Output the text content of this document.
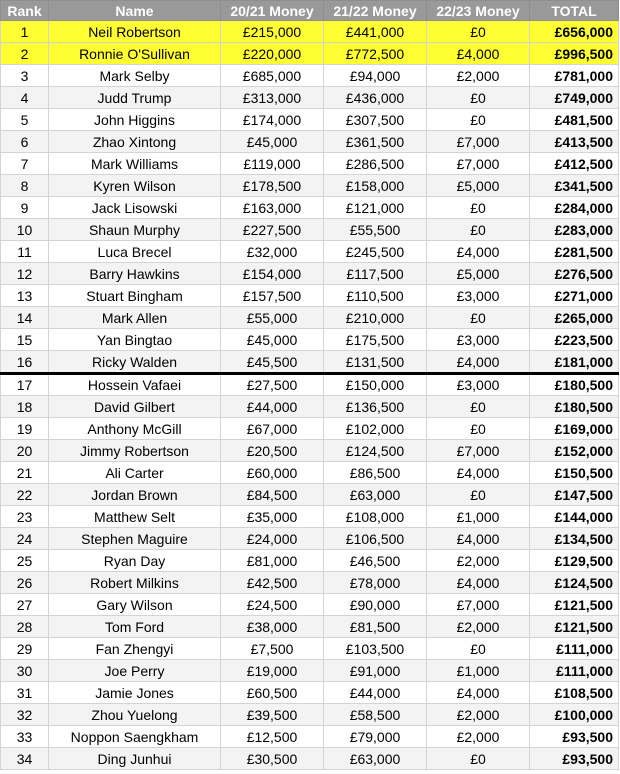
Rank	Name	20/21 Money	21/22 Money	22/23 Money	TOTAL
1	Neil Robertson	£215,000	£441,000	£0	£656,000
2	Ronnie O'Sullivan	£220,000	£772,500	£4,000	£996,500
3	Mark Selby	£685,000	£94,000	£2,000	£781,000
4	Judd Trump	£313,000	£436,000	£0	£749,000
5	John Higgins	£174,000	£307,500	£0	£481,500
6	Zhao Xintong	£45,000	£361,500	£7,000	£413,500
7	Mark Williams	£119,000	£286,500	£7,000	£412,500
8	Kyren Wilson	£178,500	£158,000	£5,000	£341,500
9	Jack Lisowski	£163,000	£121,000	£0	£284,000
10	Shaun Murphy	£227,500	£55,500	£0	£283,000
11	Luca Brecel	£32,000	£245,500	£4,000	£281,500
12	Barry Hawkins	£154,000	£117,500	£5,000	£276,500
13	Stuart Bingham	£157,500	£110,500	£3,000	£271,000
14	Mark Allen	£55,000	£210,000	£0	£265,000
15	Yan Bingtao	£45,000	£175,500	£3,000	£223,500
16	Ricky Walden	£45,500	£131,500	£4,000	£181,000
17	Hossein Vafaei	£27,500	£150,000	£3,000	£180,500
18	David Gilbert	£44,000	£136,500	£0	£180,500
19	Anthony McGill	£67,000	£102,000	£0	£169,000
20	Jimmy Robertson	£20,500	£124,500	£7,000	£152,000
21	Ali Carter	£60,000	£86,500	£4,000	£150,500
22	Jordan Brown	£84,500	£63,000	£0	£147,500
23	Matthew Selt	£35,000	£108,000	£1,000	£144,000
24	Stephen Maguire	£24,000	£106,500	£4,000	£134,500
25	Ryan Day	£81,000	£46,500	£2,000	£129,500
26	Robert Milkins	£42,500	£78,000	£4,000	£124,500
27	Gary Wilson	£24,500	£90,000	£7,000	£121,500
28	Tom Ford	£38,000	£81,500	£2,000	£121,500
29	Fan Zhengyi	£7,500	£103,500	£0	£111,000
30	Joe Perry	£19,000	£91,000	£1,000	£111,000
31	Jamie Jones	£60,500	£44,000	£4,000	£108,500
32	Zhou Yuelong	£39,500	£58,500	£2,000	£100,000
33	Noppon Saengkham	£12,500	£79,000	£2,000	£93,500
34	Ding Junhui	£30,500	£63,000	£0	£93,500
